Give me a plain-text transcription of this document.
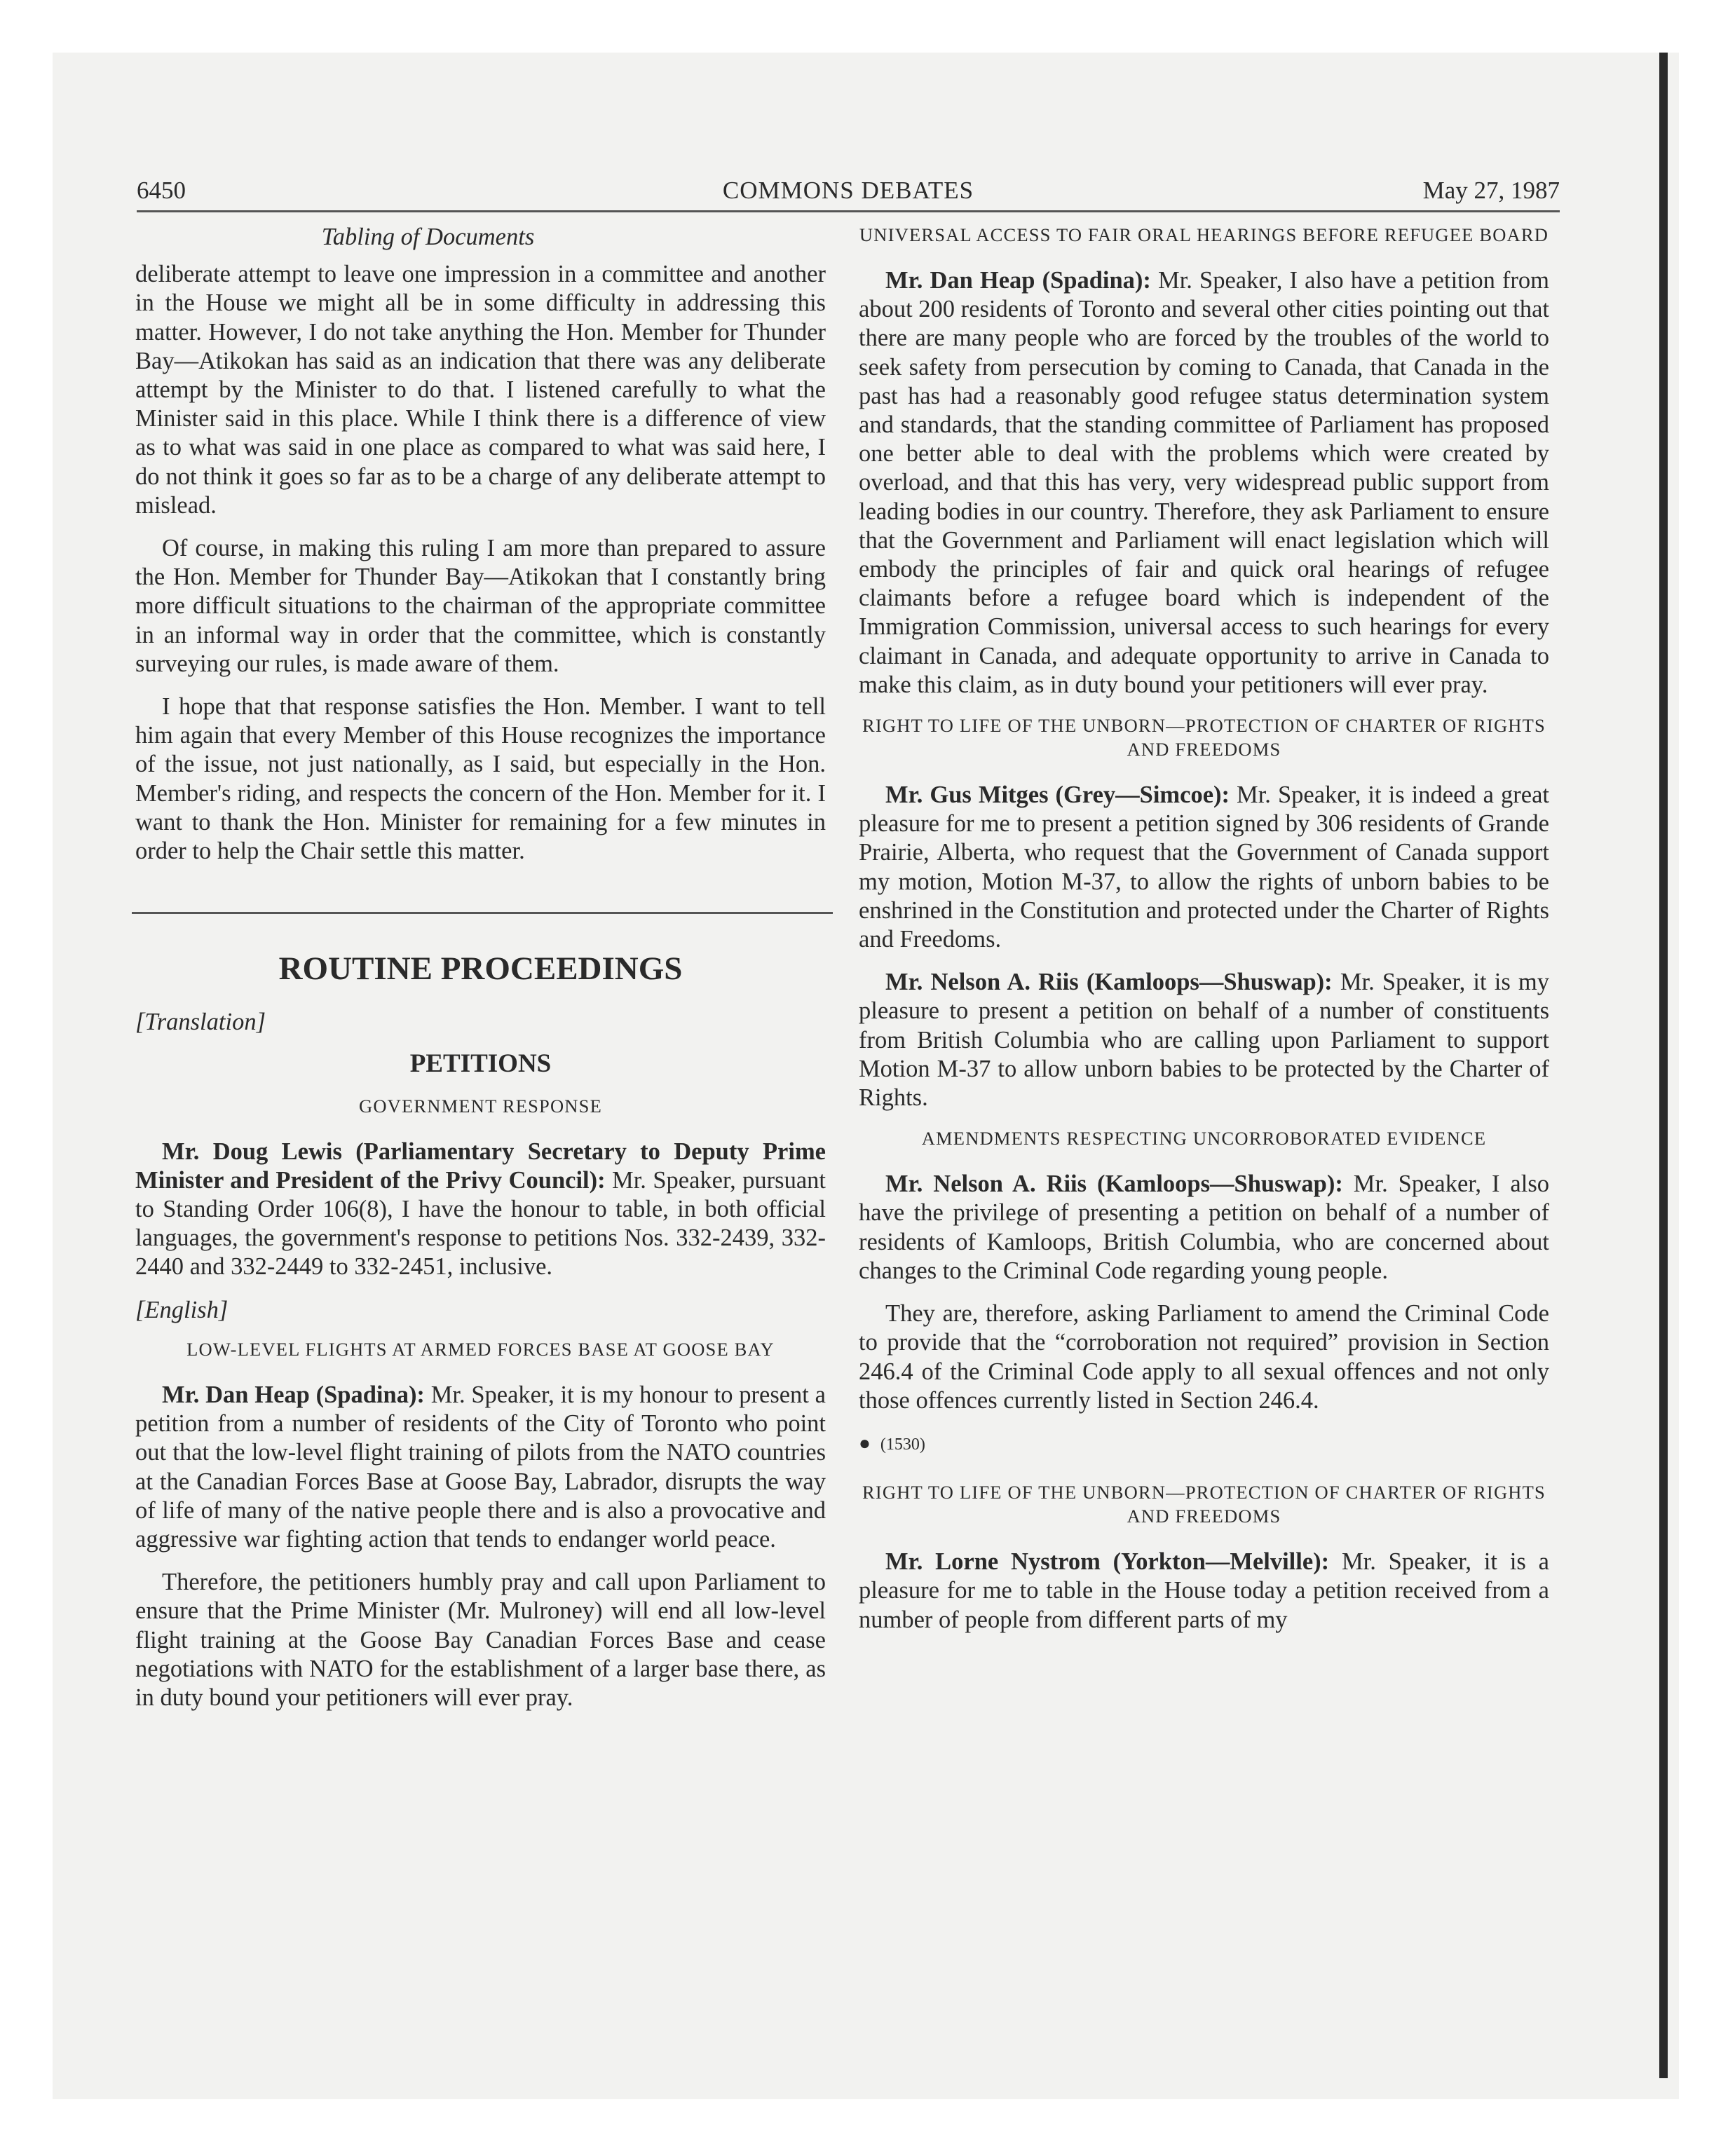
6450	COMMONS DEBATES	May 27, 1987
Tabling of Documents

deliberate attempt to leave one impression in a committee and another in the House we might all be in some difficulty in addressing this matter. However, I do not take anything the Hon. Member for Thunder Bay—Atikokan has said as an indication that there was any deliberate attempt by the Minister to do that. I listened carefully to what the Minister said in this place. While I think there is a difference of view as to what was said in one place as compared to what was said here, I do not think it goes so far as to be a charge of any deliberate attempt to mislead.

Of course, in making this ruling I am more than prepared to assure the Hon. Member for Thunder Bay—Atikokan that I constantly bring more difficult situations to the chairman of the appropriate committee in an informal way in order that the committee, which is constantly surveying our rules, is made aware of them.

I hope that that response satisfies the Hon. Member. I want to tell him again that every Member of this House recognizes the importance of the issue, not just nationally, as I said, but especially in the Hon. Member's riding, and respects the concern of the Hon. Member for it. I want to thank the Hon. Minister for remaining for a few minutes in order to help the Chair settle this matter.

ROUTINE PROCEEDINGS
[Translation]
PETITIONS
GOVERNMENT RESPONSE

Mr. Doug Lewis (Parliamentary Secretary to Deputy Prime Minister and President of the Privy Council): Mr. Speaker, pursuant to Standing Order 106(8), I have the honour to table, in both official languages, the government's response to petitions Nos. 332-2439, 332-2440 and 332-2449 to 332-2451, inclusive.

[English]
LOW-LEVEL FLIGHTS AT ARMED FORCES BASE AT GOOSE BAY

Mr. Dan Heap (Spadina): Mr. Speaker, it is my honour to present a petition from a number of residents of the City of Toronto who point out that the low-level flight training of pilots from the NATO countries at the Canadian Forces Base at Goose Bay, Labrador, disrupts the way of life of many of the native people there and is also a provocative and aggressive war fighting action that tends to endanger world peace.

Therefore, the petitioners humbly pray and call upon Parliament to ensure that the Prime Minister (Mr. Mulroney) will end all low-level flight training at the Goose Bay Canadian Forces Base and cease negotiations with NATO for the establishment of a larger base there, as in duty bound your petitioners will ever pray.

UNIVERSAL ACCESS TO FAIR ORAL HEARINGS BEFORE REFUGEE BOARD

Mr. Dan Heap (Spadina): Mr. Speaker, I also have a petition from about 200 residents of Toronto and several other cities pointing out that there are many people who are forced by the troubles of the world to seek safety from persecution by coming to Canada, that Canada in the past has had a reasonably good refugee status determination system and standards, that the standing committee of Parliament has proposed one better able to deal with the problems which were created by overload, and that this has very, very widespread public support from leading bodies in our country. Therefore, they ask Parliament to ensure that the Government and Parliament will enact legislation which will embody the principles of fair and quick oral hearings of refugee claimants before a refugee board which is independent of the Immigration Commission, universal access to such hearings for every claimant in Canada, and adequate opportunity to arrive in Canada to make this claim, as in duty bound your petitioners will ever pray.

RIGHT TO LIFE OF THE UNBORN—PROTECTION OF CHARTER OF RIGHTS AND FREEDOMS

Mr. Gus Mitges (Grey—Simcoe): Mr. Speaker, it is indeed a great pleasure for me to present a petition signed by 306 residents of Grande Prairie, Alberta, who request that the Government of Canada support my motion, Motion M-37, to allow the rights of unborn babies to be enshrined in the Constitution and protected under the Charter of Rights and Freedoms.

Mr. Nelson A. Riis (Kamloops—Shuswap): Mr. Speaker, it is my pleasure to present a petition on behalf of a number of constituents from British Columbia who are calling upon Parliament to support Motion M-37 to allow unborn babies to be protected by the Charter of Rights.

AMENDMENTS RESPECTING UNCORROBORATED EVIDENCE

Mr. Nelson A. Riis (Kamloops—Shuswap): Mr. Speaker, I also have the privilege of presenting a petition on behalf of a number of residents of Kamloops, British Columbia, who are concerned about changes to the Criminal Code regarding young people.

They are, therefore, asking Parliament to amend the Criminal Code to provide that the “corroboration not required” provision in Section 246.4 of the Criminal Code apply to all sexual offences and not only those offences currently listed in Section 246.4.

● (1530)
RIGHT TO LIFE OF THE UNBORN—PROTECTION OF CHARTER OF RIGHTS AND FREEDOMS

Mr. Lorne Nystrom (Yorkton—Melville): Mr. Speaker, it is a pleasure for me to table in the House today a petition received from a number of people from different parts of my
